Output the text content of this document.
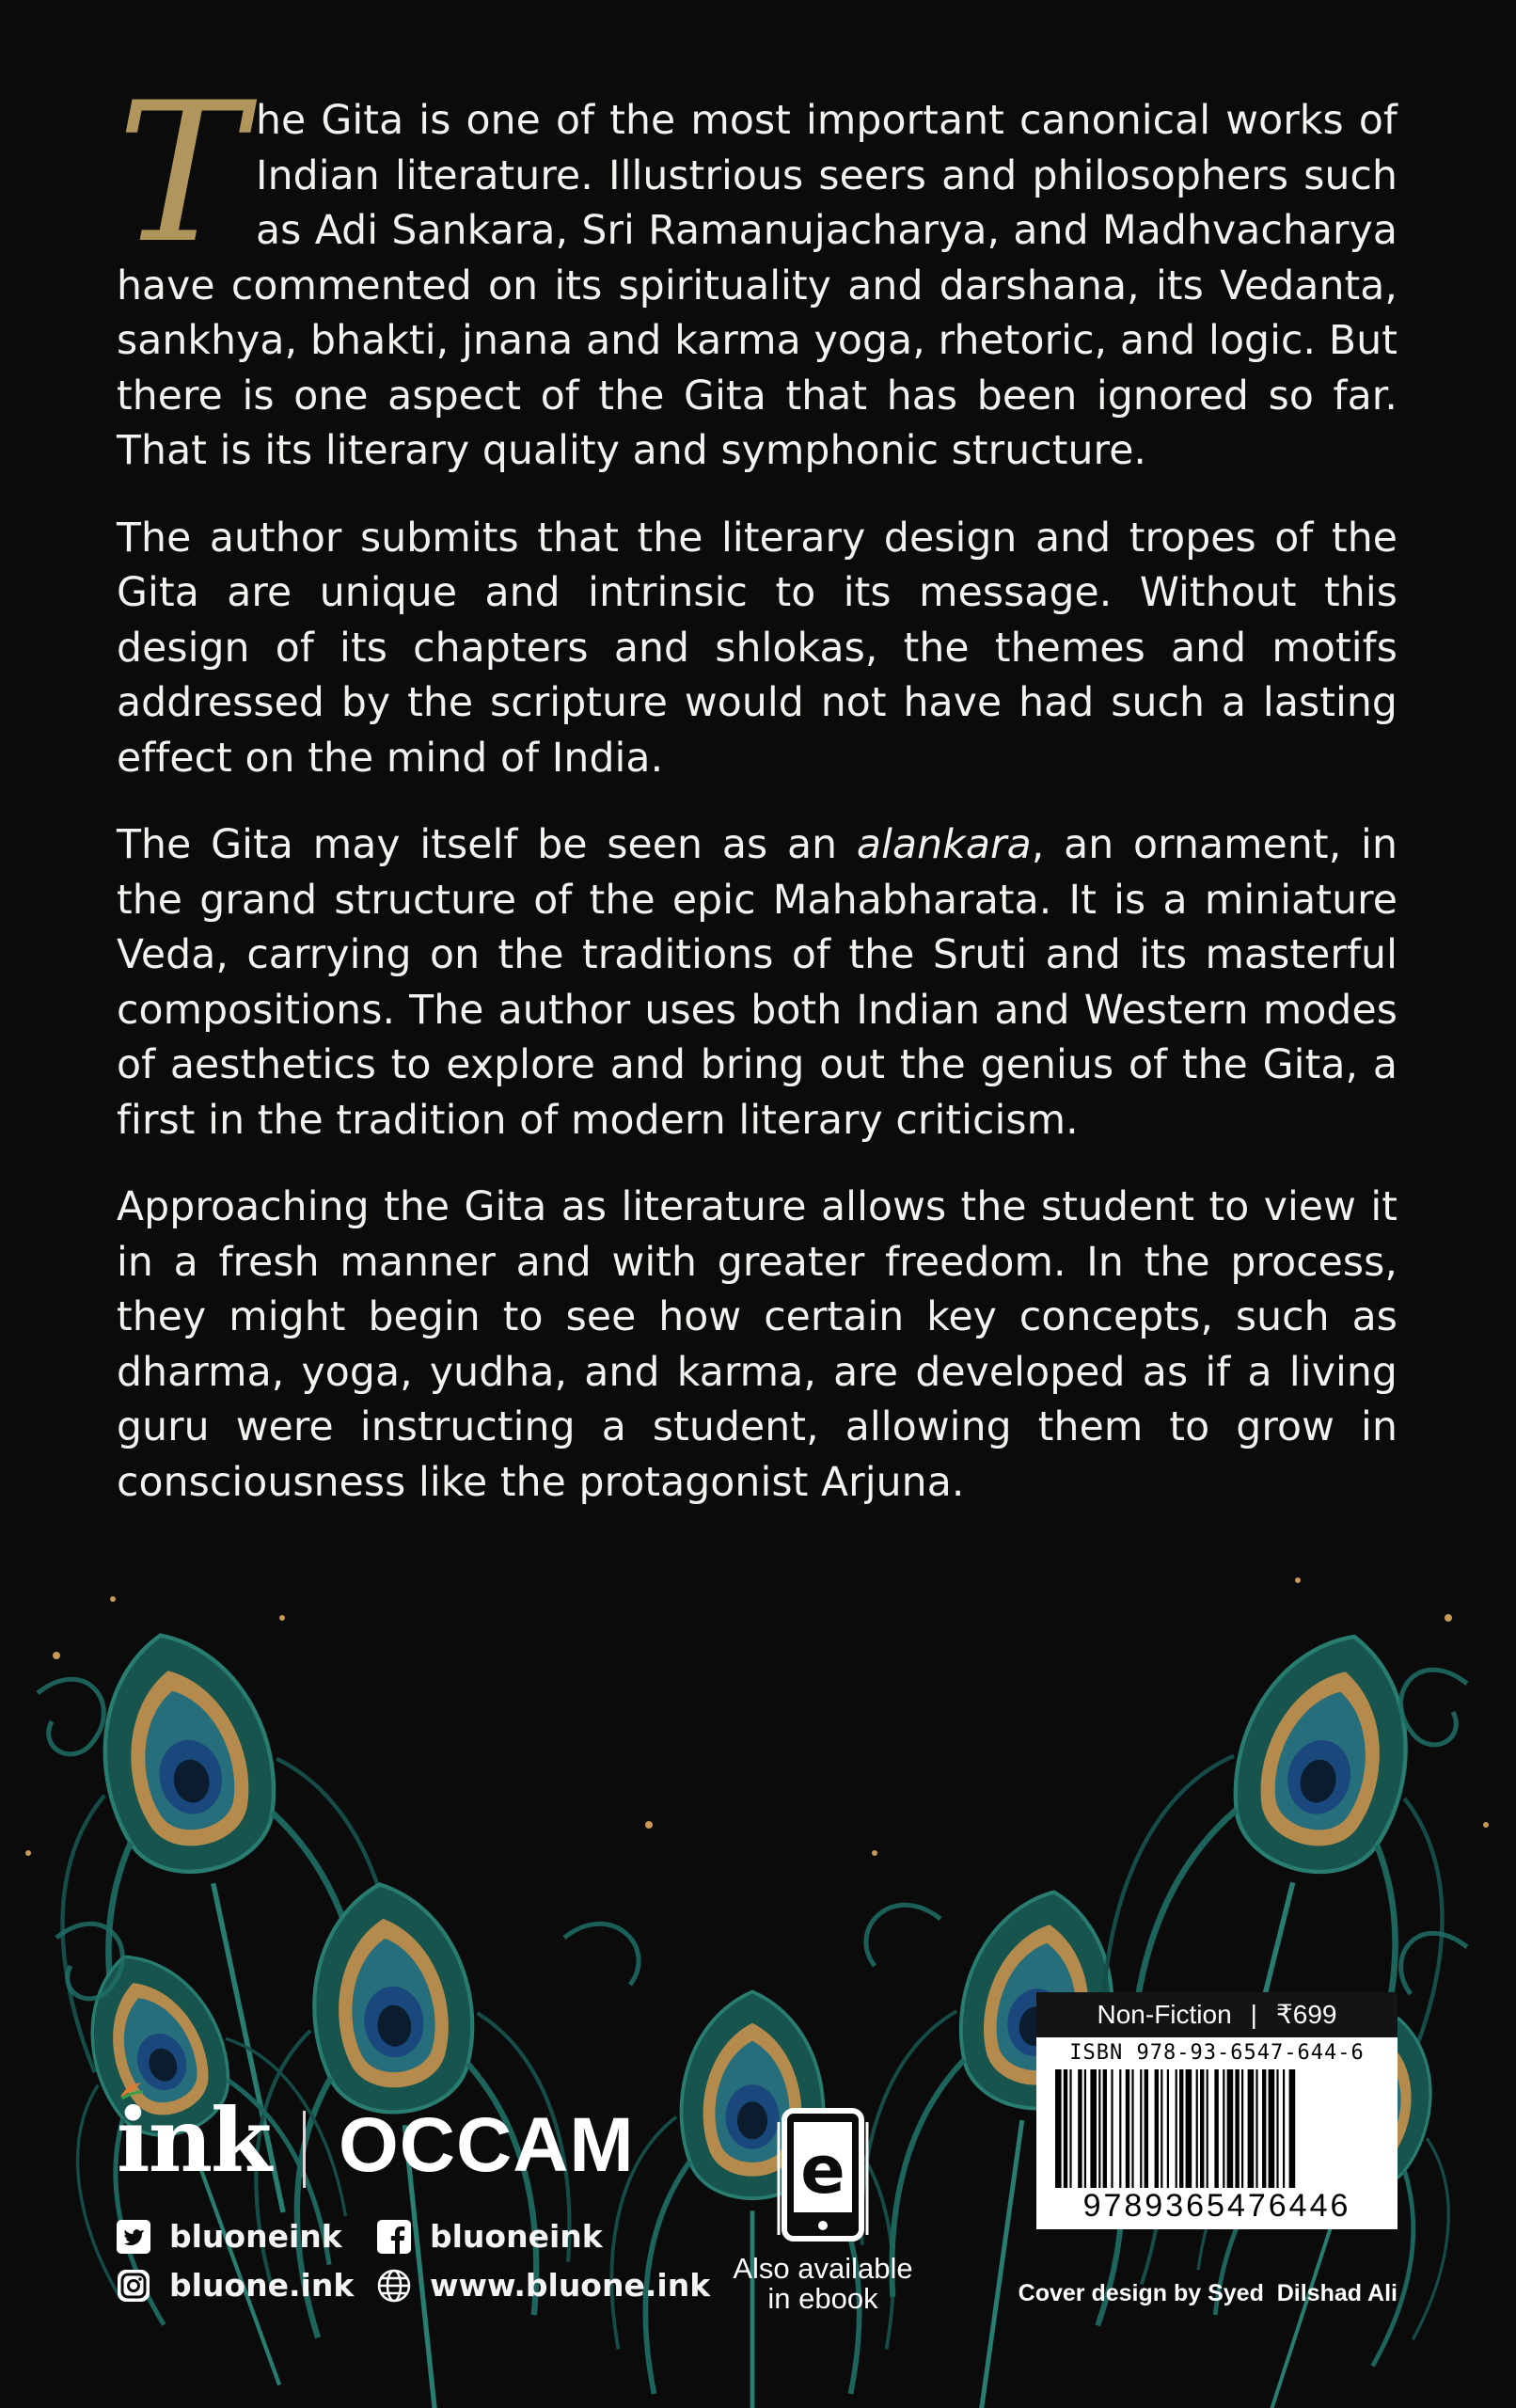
T he Gita is one of the most important canonical works of Indian literature. Illustrious seers and philosophers such as Adi Sankara, Sri Ramanujacharya, and Madhvacharya have commented on its spirituality and darshana, its Vedanta, sankhya, bhakti, jnana and karma yoga, rhetoric, and logic. But there is one aspect of the Gita that has been ignored so far. That is its literary quality and symphonic structure.

The author submits that the literary design and tropes of the Gita are unique and intrinsic to its message. Without this design of its chapters and shlokas, the themes and motifs addressed by the scripture would not have had such a lasting effect on the mind of India.

The Gita may itself be seen as an alankara, an ornament, in the grand structure of the epic Mahabharata. It is a miniature Veda, carrying on the traditions of the Sruti and its masterful compositions. The author uses both Indian and Western modes of aesthetics to explore and bring out the genius of the Gita, a first in the tradition of modern literary criticism.

Approaching the Gita as literature allows the student to view it in a fresh manner and with greater freedom. In the process, they might begin to see how certain key concepts, such as dharma, yoga, yudha, and karma, are developed as if a living guru were instructing a student, allowing them to grow in consciousness like the protagonist Arjuna.

ink OCCAM
bluoneink	bluoneink
bluone.ink www.bluone.ink
e
Also available
in ebook
Non-Fiction | ₹699
ISBN 978-93-6547-644-6
9789365476446
Cover design by Syed  Dilshad Ali
